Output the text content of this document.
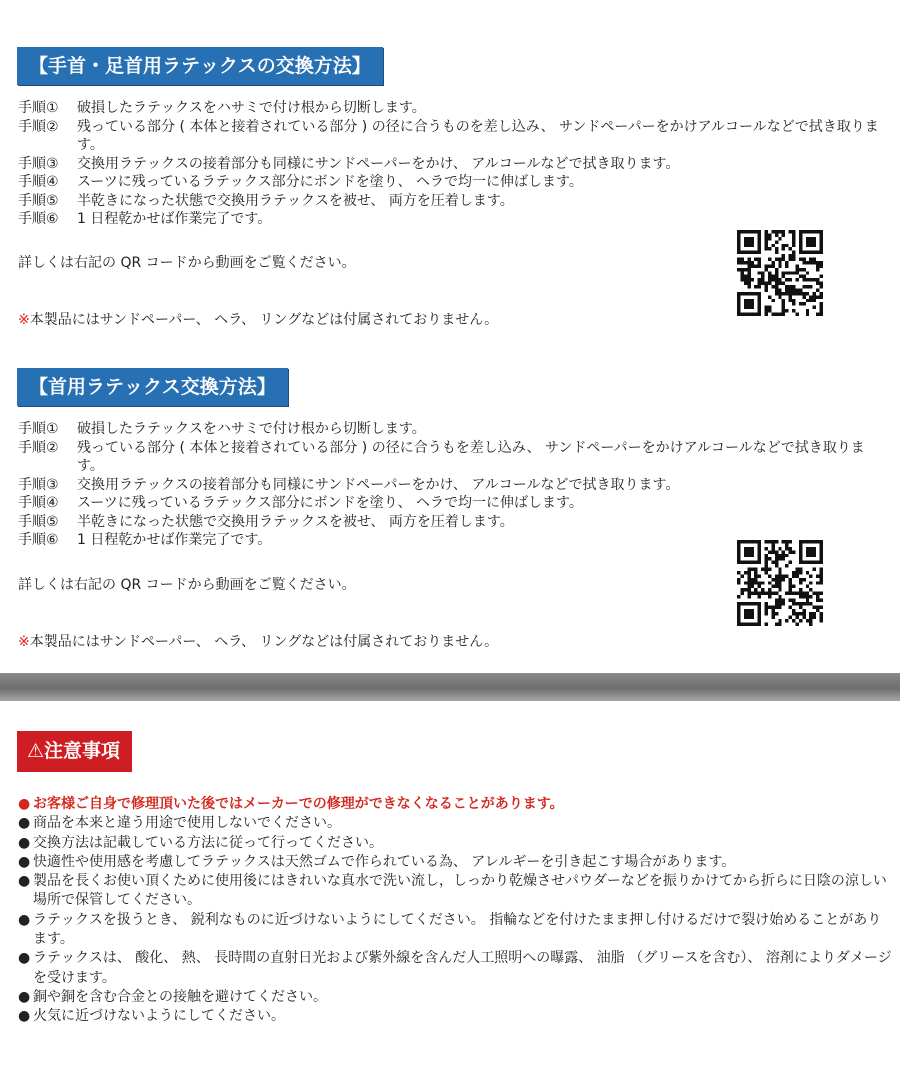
【手首・足首用ラテックスの交換方法】
手順①	破損したラテックスをハサミで付け根から切断します。
手順②	残っている部分 ( 本体と接着されている部分 ) の径に合うものを差し込み、 サンドペーパーをかけアルコールなどで拭き取ります。
手順③	交換用ラテックスの接着部分も同様にサンドペーパーをかけ、 アルコールなどで拭き取ります。
手順④	スーツに残っているラテックス部分にボンドを塗り、 ヘラで均一に伸ばします。
手順⑤	半乾きになった状態で交換用ラテックスを被せ、 両方を圧着します。
手順⑥	1 日程乾かせば作業完了です。
詳しくは右記の QR コードから動画をご覧ください。
※本製品にはサンドペーパー、 ヘラ、 リングなどは付属されておりません。
【首用ラテックス交換方法】
手順①	破損したラテックスをハサミで付け根から切断します。
手順②	残っている部分 ( 本体と接着されている部分 ) の径に合うもを差し込み、 サンドペーパーをかけアルコールなどで拭き取ります。
手順③	交換用ラテックスの接着部分も同様にサンドペーパーをかけ、 アルコールなどで拭き取ります。
手順④	スーツに残っているラテックス部分にボンドを塗り、 ヘラで均一に伸ばします。
手順⑤	半乾きになった状態で交換用ラテックスを被せ、 両方を圧着します。
手順⑥	1 日程乾かせば作業完了です。
詳しくは右記の QR コードから動画をご覧ください。
※本製品にはサンドペーパー、 ヘラ、 リングなどは付属されておりません。
⚠注意事項
● お客様ご自身で修理頂いた後ではメーカーでの修理ができなくなることがあります。
● 商品を本来と違う用途で使用しないでください。
● 交換方法は記載している方法に従って行ってください。
● 快適性や使用感を考慮してラテックスは天然ゴムで作られている為、 アレルギーを引き起こす場合があります。
● 製品を長くお使い頂くために使用後にはきれいな真水で洗い流し，しっかり乾燥させパウダーなどを振りかけてから折らに日陰の涼しい場所で保管してください。
● ラテックスを扱うとき、 鋭利なものに近づけないようにしてください。 指輪などを付けたまま押し付けるだけで裂け始めることがあります。
● ラテックスは、 酸化、 熱、 長時間の直射日光および紫外線を含んだ人工照明への曝露、 油脂 （グリースを含む）、 溶剤によりダメージを受けます。
● 銅や銅を含む合金との接触を避けてください。
● 火気に近づけないようにしてください。
